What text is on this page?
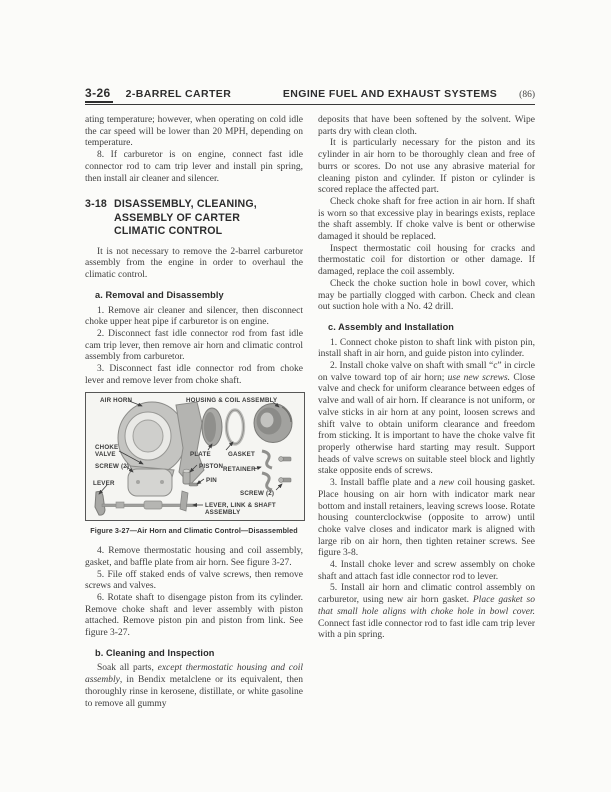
3-26 2-BARREL CARTER	ENGINE FUEL AND EXHAUST SYSTEMS (86)

ating temperature; however, when operating on cold idle the car speed will be lower than 20 MPH, depending on temperature.

8. If carburetor is on engine, connect fast idle connector rod to cam trip lever and install pin spring, then install air cleaner and silencer.

3-18 DISASSEMBLY, CLEANING,
ASSEMBLY OF CARTER
CLIMATIC CONTROL

It is not necessary to remove the 2-barrel carburetor assembly from the engine in order to overhaul the climatic control.

a. Removal and Disassembly

1. Remove air cleaner and silencer, then disconnect choke upper heat pipe if carburetor is on engine.

2. Disconnect fast idle connector rod from fast idle cam trip lever, then remove air horn and climatic control assembly from carburetor.

3. Disconnect fast idle connector rod from choke lever and remove lever from choke shaft.

AIR HORN	HOUSING & COIL ASSEMBLY
CHOKE
VALVE
SCREW (2)
LEVER
PLATE	GASKET
PISTON
PIN
RETAINER
SCREW (2)
LEVER, LINK & SHAFT
ASSEMBLY
Figure 3-27—Air Horn and Climatic Control—Disassembled

4. Remove thermostatic housing and coil assembly, gasket, and baffle plate from air horn. See figure 3-27.

5. File off staked ends of valve screws, then remove screws and valves.

6. Rotate shaft to disengage piston from its cylinder. Remove choke shaft and lever assembly with piston attached. Remove piston pin and piston from link. See figure 3-27.

b. Cleaning and Inspection

Soak all parts, except thermostatic housing and coil assembly, in Bendix metalclene or its equivalent, then thoroughly rinse in kerosene, distillate, or white gasoline to remove all gummy

deposits that have been softened by the solvent. Wipe parts dry with clean cloth.

It is particularly necessary for the piston and its cylinder in air horn to be thoroughly clean and free of burrs or scores. Do not use any abrasive material for cleaning piston and cylinder. If piston or cylinder is scored replace the affected part.

Check choke shaft for free action in air horn. If shaft is worn so that excessive play in bearings exists, replace the shaft assembly. If choke valve is bent or otherwise damaged it should be replaced.

Inspect thermostatic coil housing for cracks and thermostatic coil for distortion or other damage. If damaged, replace the coil assembly.

Check the choke suction hole in bowl cover, which may be partially clogged with carbon. Check and clean out suction hole with a No. 42 drill.

c. Assembly and Installation

1. Connect choke piston to shaft link with piston pin, install shaft in air horn, and guide piston into cylinder.

2. Install choke valve on shaft with small “c” in circle on valve toward top of air horn; use new screws. Close valve and check for uniform clearance between edges of valve and wall of air horn. If clearance is not uniform, or valve sticks in air horn at any point, loosen screws and shift valve to obtain uniform clearance and freedom from sticking. It is important to have the choke valve fit properly otherwise hard starting may result. Support heads of valve screws on suitable steel block and lightly stake opposite ends of screws.

3. Install baffle plate and a new coil housing gasket. Place housing on air horn with indicator mark near bottom and install retainers, leaving screws loose. Rotate housing counterclockwise (opposite to arrow) until choke valve closes and indicator mark is aligned with large rib on air horn, then tighten retainer screws. See figure 3-8.

4. Install choke lever and screw assembly on choke shaft and attach fast idle connector rod to lever.

5. Install air horn and climatic control assembly on carburetor, using new air horn gasket. Place gasket so that small hole aligns with choke hole in bowl cover. Connect fast idle connector rod to fast idle cam trip lever with a pin spring.
